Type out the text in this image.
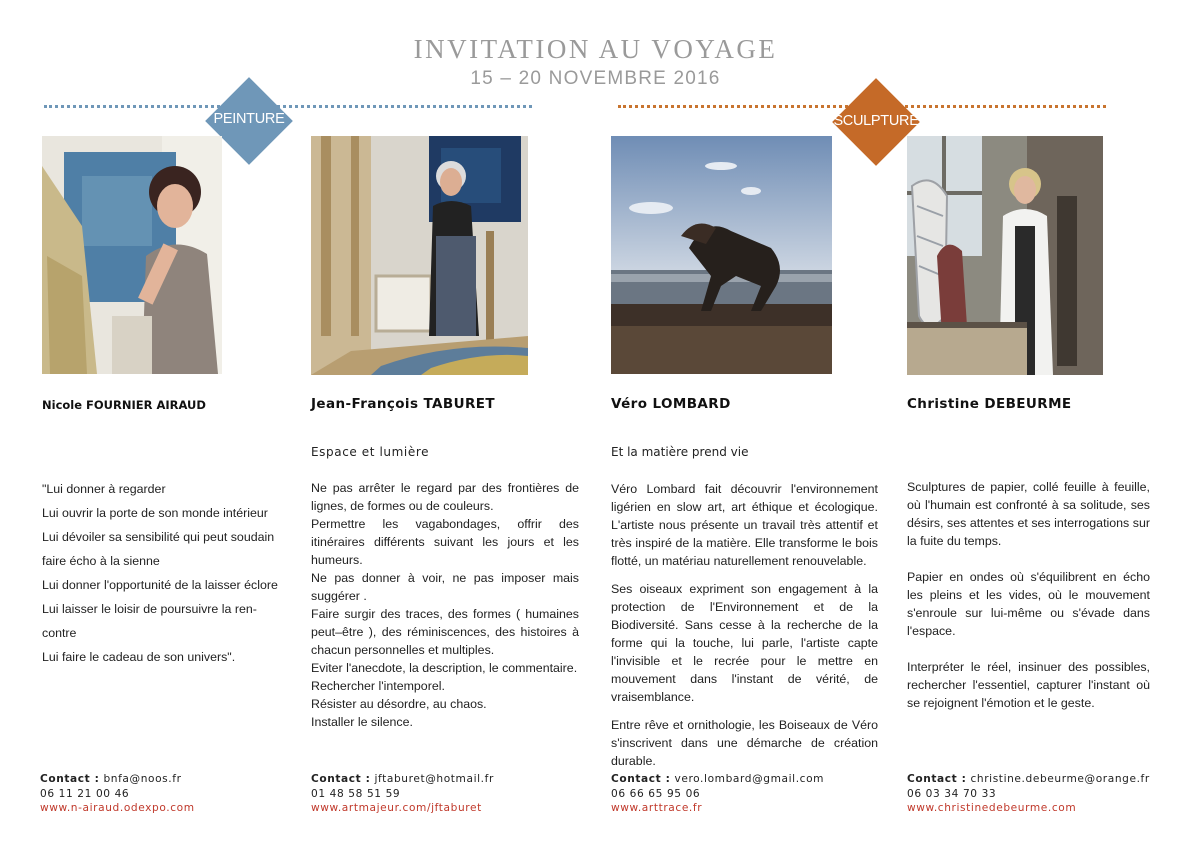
INVITATION AU VOYAGE
15 – 20 NOVEMBRE 2016
PEINTURE	SCULPTURE
Nicole FOURNIER AIRAUD	Jean-François TABURET	Véro LOMBARD	Christine DEBEURME
Espace et lumière	Et la matière prend vie

"Lui donner à regarder

Lui ouvrir la porte de son monde intérieur

Lui dévoiler sa sensibilité qui peut soudain

faire écho à la sienne

Lui donner l'opportunité de la laisser éclore

Lui laisser le loisir de poursuivre la ren-

contre

Lui faire le cadeau de son univers".

Ne pas arrêter le regard par des frontières de lignes, de formes ou de couleurs.

Permettre les vagabondages, offrir des itinéraires différents suivant les jours et les humeurs.

Ne pas donner à voir, ne pas imposer mais suggérer .

Faire surgir des traces, des formes ( humaines peut–être ), des réminiscences, des histoires à chacun personnelles et multiples.

Eviter l'anecdote, la description, le commentaire.

Rechercher l'intemporel.

Résister au désordre, au chaos.

Installer le silence.

Véro Lombard fait découvrir l'environnement ligérien en slow art, art éthique et écologique. L'artiste nous présente un travail très attentif et très inspiré de la matière. Elle transforme le bois flotté, un matériau naturellement renouvelable.

Ses oiseaux expriment son engagement à la protection de l'Environnement et de la Biodiversité. Sans cesse à la recherche de la forme qui la touche, lui parle, l'artiste capte l'invisible et le recrée pour le mettre en mouvement dans l'instant de vérité, de vraisemblance.

Entre rêve et ornithologie, les Boiseaux de Véro s'inscrivent dans une démarche de création durable.

Sculptures de papier, collé feuille à feuille, où l'humain est confronté à sa solitude, ses désirs, ses attentes et ses interrogations sur la fuite du temps.

Papier en ondes où s'équilibrent en écho les pleins et les vides, où le mouvement s'enroule sur lui-même ou s'évade dans l'espace.

Interpréter le réel, insinuer des possibles, rechercher l'essentiel, capturer l'instant où se rejoignent l'émotion et le geste.

Contact : bnfa@noos.fr
06 11 21 00 46
www.n-airaud.odexpo.com
Contact : jftaburet@hotmail.fr
01 48 58 51 59
www.artmajeur.com/jftaburet
Contact : vero.lombard@gmail.com
06 66 65 95 06
www.arttrace.fr
Contact : christine.debeurme@orange.fr
06 03 34 70 33
www.christinedebeurme.com
